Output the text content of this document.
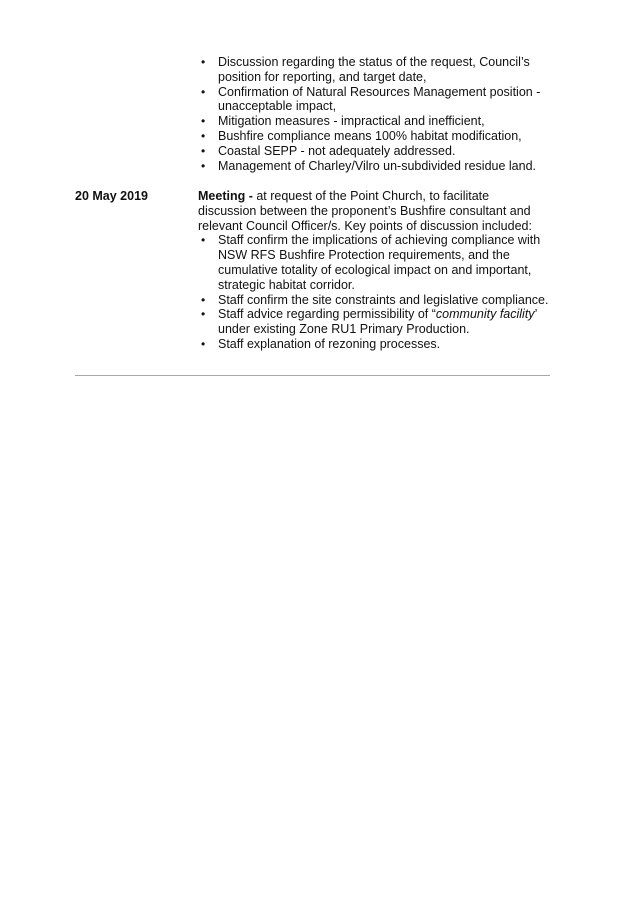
• Discussion regarding the status of the request, Council’s position for reporting, and target date,
• Confirmation of Natural Resources Management position - unacceptable impact,
• Mitigation measures - impractical and inefficient,
• Bushfire compliance means 100% habitat modification,
• Coastal SEPP - not adequately addressed.
• Management of Charley/Vilro un-subdivided residue land.
20 May 2019	Meeting - at request of the Point Church, to facilitate discussion between the proponent’s Bushfire consultant and relevant Council Officer/s. Key points of discussion included:
• Staff confirm the implications of achieving compliance with NSW RFS Bushfire Protection requirements, and the cumulative totality of ecological impact on and important, strategic habitat corridor.
• Staff confirm the site constraints and legislative compliance.
• Staff advice regarding permissibility of “community facility’ under existing Zone RU1 Primary Production.
• Staff explanation of rezoning processes.
